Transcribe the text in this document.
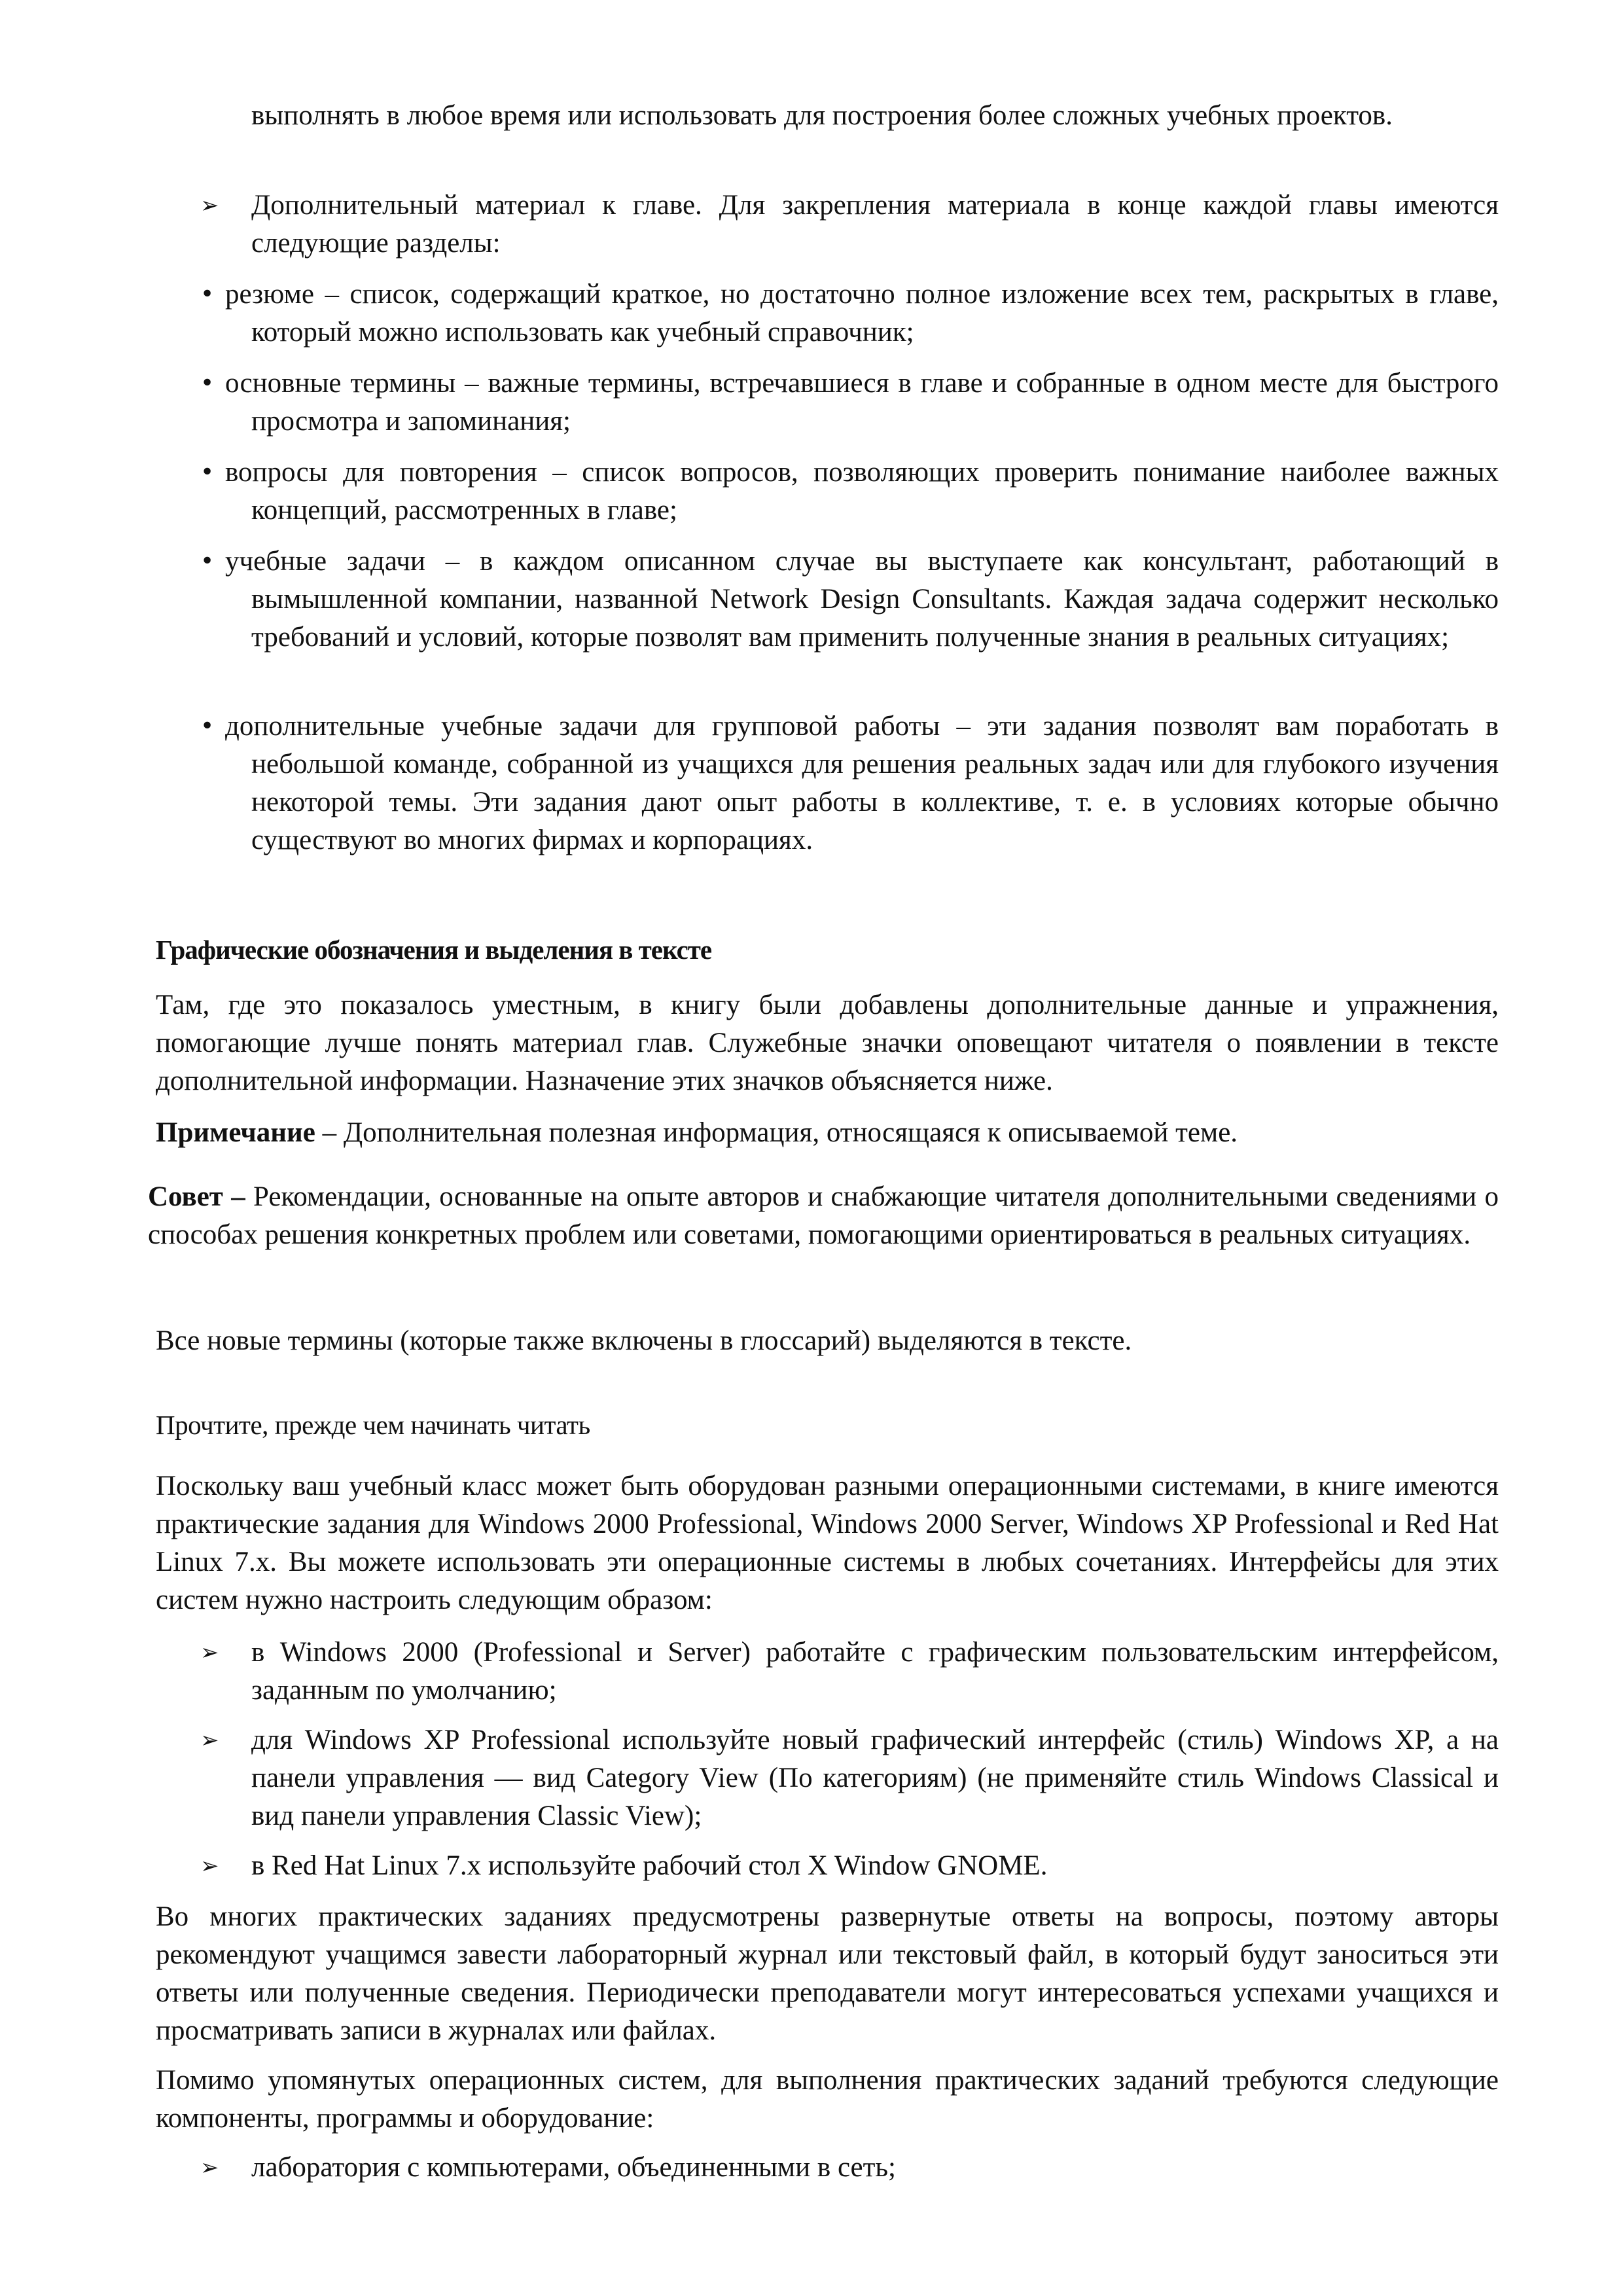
выполнять в любое время или использовать для построения более сложных учебных проектов.

➢ Дополнительный материал к главе. Для закрепления материала в конце каждой главы имеются следующие разделы:
• резюме – список, содержащий краткое, но достаточно полное изложение всех тем, раскрытых в главе, который можно использовать как учебный справочник;
• основные термины – важные термины, встречавшиеся в главе и собранные в одном месте для быстрого просмотра и запоминания;
• вопросы для повторения – список вопросов, позволяющих проверить понимание наиболее важных концепций, рассмотренных в главе;
• учебные задачи – в каждом описанном случае вы выступаете как консультант, работающий в вымышленной компании, названной Network Design Consultants. Каждая задача содержит несколько требований и условий, которые позволят вам применить полученные знания в реальных ситуациях;
• дополнительные учебные задачи для групповой работы – эти задания позволят вам поработать в небольшой команде, собранной из учащихся для решения реальных задач или для глубокого изучения некоторой темы. Эти задания дают опыт работы в коллективе, т. е. в условиях которые обычно существуют во многих фирмах и корпорациях.
Графические обозначения и выделения в тексте

Там, где это показалось уместным, в книгу были добавлены дополнительные данные и упражнения, помогающие лучше понять материал глав. Служебные значки оповещают читателя о появлении в тексте дополнительной информации. Назначение этих значков объясняется ниже.

Примечание – Дополнительная полезная информация, относящаяся к описываемой теме.

Совет – Рекомендации, основанные на опыте авторов и снабжающие читателя дополнительными сведениями о способах решения конкретных проблем или советами, помогающими ориентироваться в реальных ситуациях.

Все новые термины (которые также включены в глоссарий) выделяются в тексте.

Прочтите, прежде чем начинать читать

Поскольку ваш учебный класс может быть оборудован разными операционными системами, в книге имеются практические задания для Windows 2000 Professional, Windows 2000 Server, Windows XP Professional и Red Hat Linux 7.x. Вы можете использовать эти операционные системы в любых сочетаниях. Интерфейсы для этих систем нужно настроить следующим образом:

➢ в Windows 2000 (Professional и Server) работайте с графическим пользовательским интерфейсом, заданным по умолчанию;
➢ для Windows XP Professional используйте новый графический интерфейс (стиль) Windows XP, а на панели управления — вид Category View (По категориям) (не применяйте стиль Windows Classical и вид панели управления Classic View);
➢ в Red Hat Linux 7.x используйте рабочий стол X Window GNOME.

Во многих практических заданиях предусмотрены развернутые ответы на вопросы, поэтому авторы рекомендуют учащимся завести лабораторный журнал или текстовый файл, в который будут заноситься эти ответы или полученные сведения. Периодически преподаватели могут интересоваться успехами учащихся и просматривать записи в журналах или файлах.

Помимо упомянутых операционных систем, для выполнения практических заданий требуются следующие компоненты, программы и оборудование:

➢ лаборатория с компьютерами, объединенными в сеть;
